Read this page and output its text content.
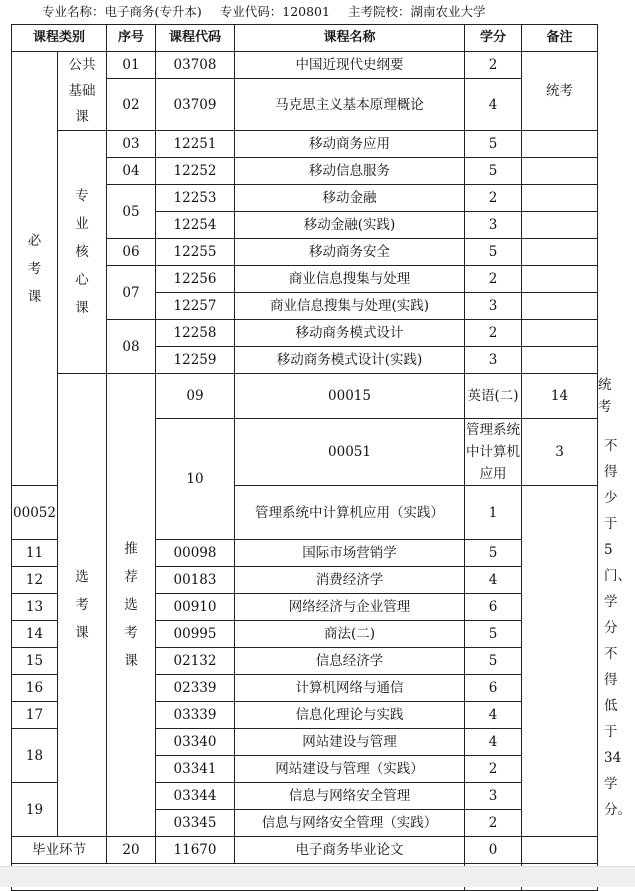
专业名称：电子商务(专升本) 专业代码：120801 主考院校：湖南农业大学
课程类别		序号	课程代码	课程名称	学分	备注	

必考课	公共基础课	01	03708	中国近现代史纲要	2	统考	
		02	03709	马克思主义基本原理概论	4		

	专业核心课	03	12251	移动商务应用	5		
		04	12252	移动信息服务	5		
		05	12253	移动金融	2		
			12254	移动金融(实践)	3		
		06	12255	移动商务安全	5		
		07	12256	商业信息搜集与处理	2		
			12257	商业信息搜集与处理(实践)	3		
		08	12258	移动商务模式设计	2		
			12259	移动商务模式设计(实践)	3		

	选考课	推荐选考课	09	00015	英语(二)	14	统考
			10	00051	管理系统中计算机应用	3	不得少于5门、学分不得低于34学分。

00052				管理系统中计算机应用（实践）	1		
11			00098	国际市场营销学	5		
12			00183	消费经济学	4		
13			00910	网络经济与企业管理	6		
14			00995	商法(二)	5		
15			02132	信息经济学	5		
16			02339	计算机网络与通信	6		
17			03339	信息化理论与实践	4		
18			03340	网站建设与管理	4		
			03341	网站建设与管理（实践）	2		
19			03344	信息与网络安全管理	3		
			03345	信息与网络安全管理（实践）	2		
毕业环节		20	11670	电子商务毕业论文	0		
